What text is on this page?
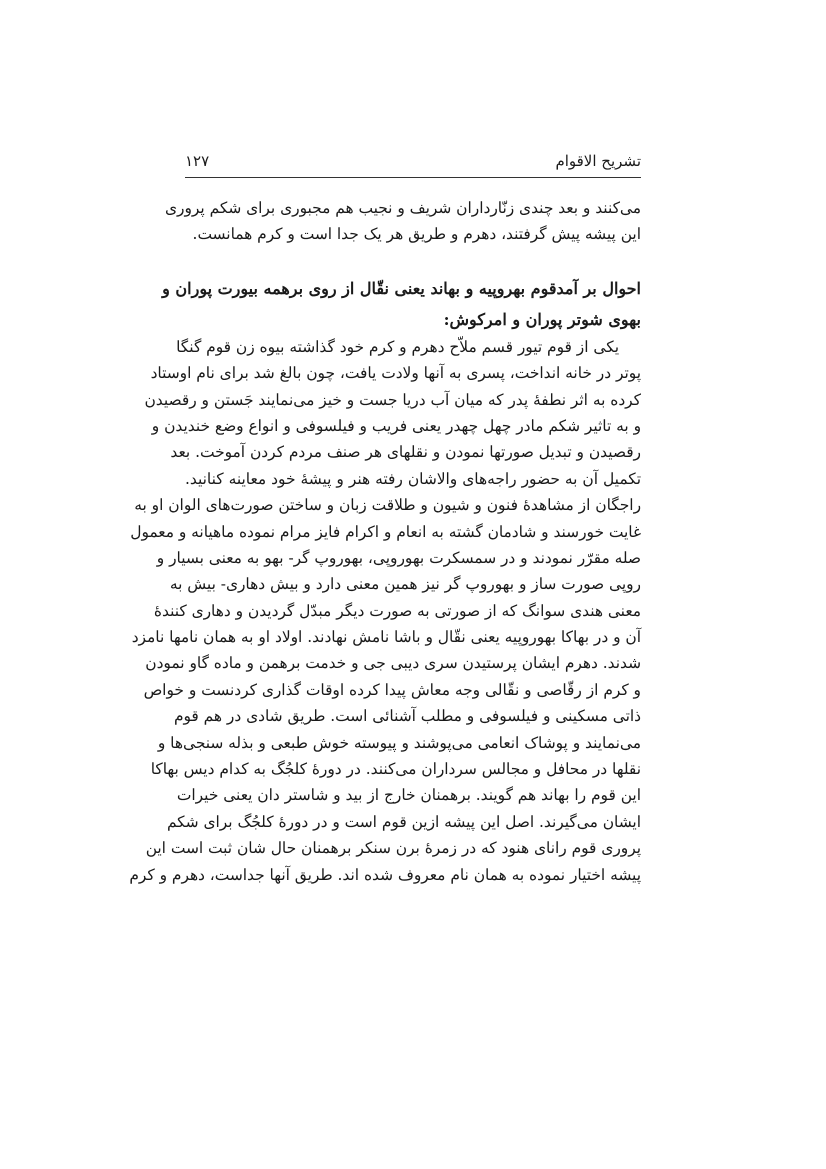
تشریح الاقوام
۱۲۷
می‌کنند و بعد چندی زنّارداران شریف و نجیب هم مجبوری برای شکم پروری
این پیشه پیش گرفتند، دهرم و طریق هر یک جدا است و کرم همانست.
احوال بر آمدقوم بهروپیه و بهاند یعنی نقّال از روی برهمه بیورت پوران و
بهوی شوتر پوران و امرکوش:
یکی از قوم تیور قسم ملاّح دهرم و کرم خود گذاشته بیوه زن قوم گنگا
پوتر در خانه انداخت، پسری به آنها ولادت یافت، چون بالغ شد برای نام اوستاد
کرده به اثر نطفهٔ پدر که میان آب دریا جست و خیز می‌نمایند جَستن و رقصیدن
و به تاثیر شکم مادر چهل چهدر یعنی فریب و فیلسوفی و انواع وضع خندیدن و
رقصیدن و تبدیل صورتها نمودن و نقلهای هر صنف مردم کردن آموخت. بعد
تکمیل آن به حضور راجه‌های والاشان رفته هنر و پیشهٔ خود معاینه کنانید.
راجگان از مشاهدهٔ فنون و شیون و طلاقت زبان و ساختن صورت‌های الوان او به
غایت خورسند و شادمان گشته به انعام و اکرام فایز مرام نموده ماهیانه و معمول
صله مقرّر نمودند و در سمسکرت بهوروپی، بهوروپ گر- بهو به معنی بسیار و
روپی صورت ساز و بهوروپ گر نیز همین معنی دارد و بیش دهاری- بیش به
معنی هندی سوانگ که از صورتی به صورت دیگر مبدّل گردیدن و دهاری کنندهٔ
آن و در بهاکا بهوروپیه یعنی نقّال و باشا نامش نهادند. اولاد او به همان نامها نامزد
شدند. دهرم ایشان پرستیدن سری دیبی جی و خدمت برهمن و ماده گاو نمودن
و کرم از رقّاصی و نقّالی وجه معاش پیدا کرده اوقات گذاری کردنست و خواص
ذاتی مسکینی و فیلسوفی و مطلب آشنائی است. طریق شادی در هم قوم
می‌نمایند و پوشاک انعامی می‌پوشند و پیوسته خوش طبعی و بذله سنجی‌ها و
نقلها در محافل و مجالس سرداران می‌کنند. در دورهٔ کلجُگ به کدام دیس بهاکا
این قوم را بهاند هم گویند. برهمنان خارج از بید و شاستر دان یعنی خیرات
ایشان می‌گیرند. اصل این پیشه ازین قوم است و در دورهٔ کلجُگ برای شکم
پروری قوم رانای هنود که در زمرهٔ برن سنکر برهمنان حال شان ثبت است این
پیشه اختیار نموده به همان نام معروف شده اند. طریق آنها جداست، دهرم و کرم
